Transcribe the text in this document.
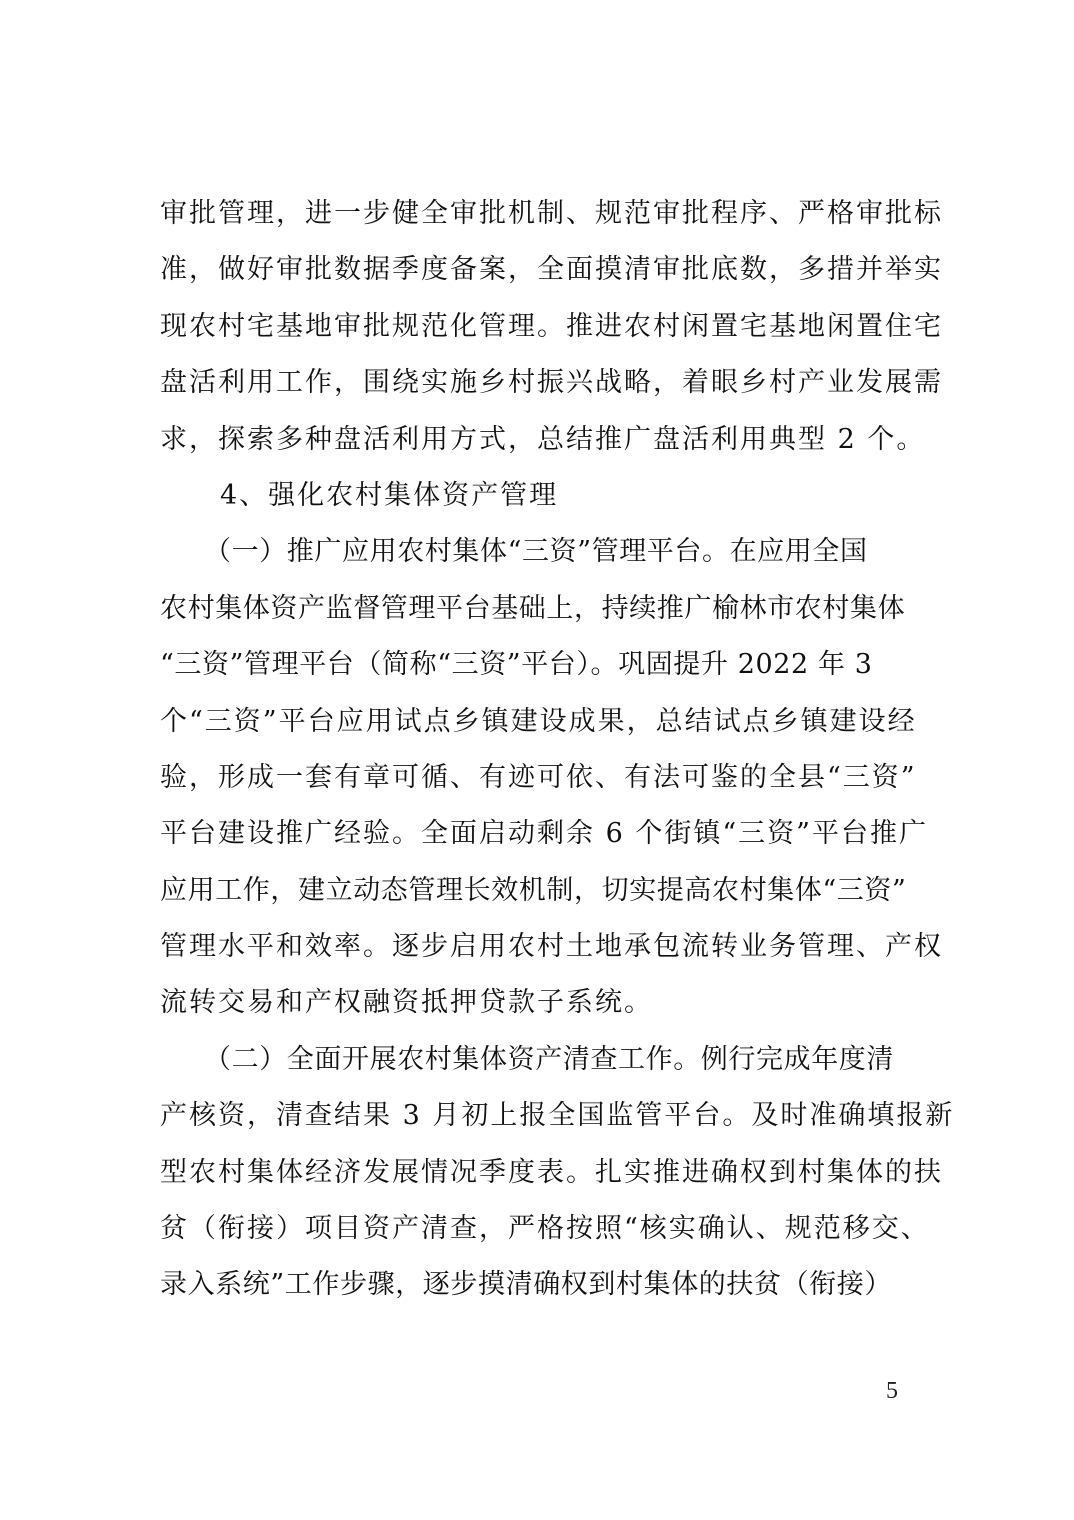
审批管理，进一步健全审批机制、规范审批程序、严格审批标
准，做好审批数据季度备案，全面摸清审批底数，多措并举实
现农村宅基地审批规范化管理。推进农村闲置宅基地闲置住宅
盘活利用工作，围绕实施乡村振兴战略，着眼乡村产业发展需
求，探索多种盘活利用方式，总结推广盘活利用典型 2 个。
4、强化农村集体资产管理
（一）推广应用农村集体“三资”管理平台。在应用全国
农村集体资产监督管理平台基础上，持续推广榆林市农村集体
“三资”管理平台（简称“三资”平台）。巩固提升 2022 年 3
个“三资”平台应用试点乡镇建设成果，总结试点乡镇建设经
验，形成一套有章可循、有迹可依、有法可鉴的全县“三资”
平台建设推广经验。全面启动剩余 6 个街镇“三资”平台推广
应用工作，建立动态管理长效机制，切实提高农村集体“三资”
管理水平和效率。逐步启用农村土地承包流转业务管理、产权
流转交易和产权融资抵押贷款子系统。
（二）全面开展农村集体资产清查工作。例行完成年度清
产核资，清查结果 3 月初上报全国监管平台。及时准确填报新
型农村集体经济发展情况季度表。扎实推进确权到村集体的扶
贫（衔接）项目资产清查，严格按照“核实确认、规范移交、
录入系统”工作步骤，逐步摸清确权到村集体的扶贫（衔接）
5
